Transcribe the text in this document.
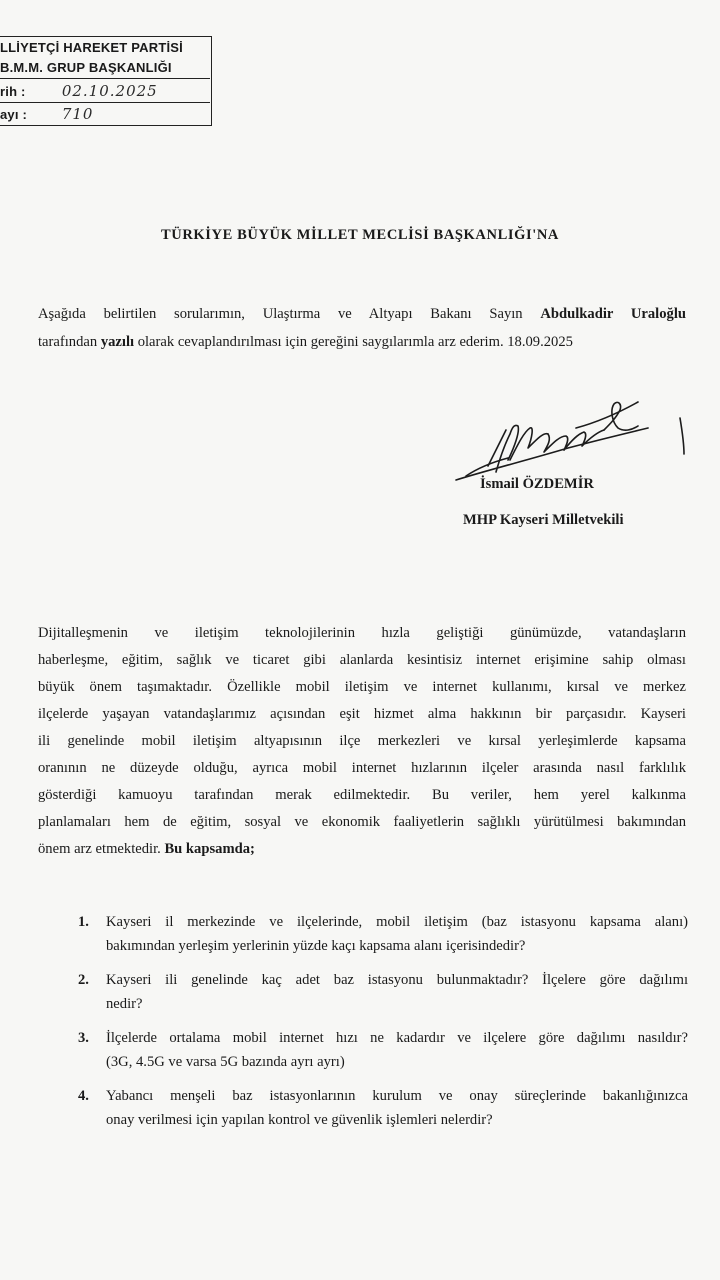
LLİYETÇİ HAREKET PARTİSİ
B.M.M. GRUP BAŞKANLIĞI
rih : 02.10.2025
ayı : 710
TÜRKİYE BÜYÜK MİLLET MECLİSİ BAŞKANLIĞI'NA
Aşağıda belirtilen sorularımın, Ulaştırma ve Altyapı Bakanı Sayın Abdulkadir Uraloğlu
tarafından yazılı olarak cevaplandırılması için gereğini saygılarımla arz ederim. 18.09.2025
İsmail ÖZDEMİR
MHP Kayseri Milletvekili
Dijitalleşmenin ve iletişim teknolojilerinin hızla geliştiği günümüzde, vatandaşların
haberleşme, eğitim, sağlık ve ticaret gibi alanlarda kesintisiz internet erişimine sahip olması
büyük önem taşımaktadır. Özellikle mobil iletişim ve internet kullanımı, kırsal ve merkez
ilçelerde yaşayan vatandaşlarımız açısından eşit hizmet alma hakkının bir parçasıdır. Kayseri
ili genelinde mobil iletişim altyapısının ilçe merkezleri ve kırsal yerleşimlerde kapsama
oranının ne düzeyde olduğu, ayrıca mobil internet hızlarının ilçeler arasında nasıl farklılık
gösterdiği kamuoyu tarafından merak edilmektedir. Bu veriler, hem yerel kalkınma
planlamaları hem de eğitim, sosyal ve ekonomik faaliyetlerin sağlıklı yürütülmesi bakımından
önem arz etmektedir. Bu kapsamda;
1. Kayseri il merkezinde ve ilçelerinde, mobil iletişim (baz istasyonu kapsama alanı)
bakımından yerleşim yerlerinin yüzde kaçı kapsama alanı içerisindedir?
2. Kayseri ili genelinde kaç adet baz istasyonu bulunmaktadır? İlçelere göre dağılımı
nedir?
3. İlçelerde ortalama mobil internet hızı ne kadardır ve ilçelere göre dağılımı nasıldır?
(3G, 4.5G ve varsa 5G bazında ayrı ayrı)
4. Yabancı menşeli baz istasyonlarının kurulum ve onay süreçlerinde bakanlığınızca
onay verilmesi için yapılan kontrol ve güvenlik işlemleri nelerdir?
